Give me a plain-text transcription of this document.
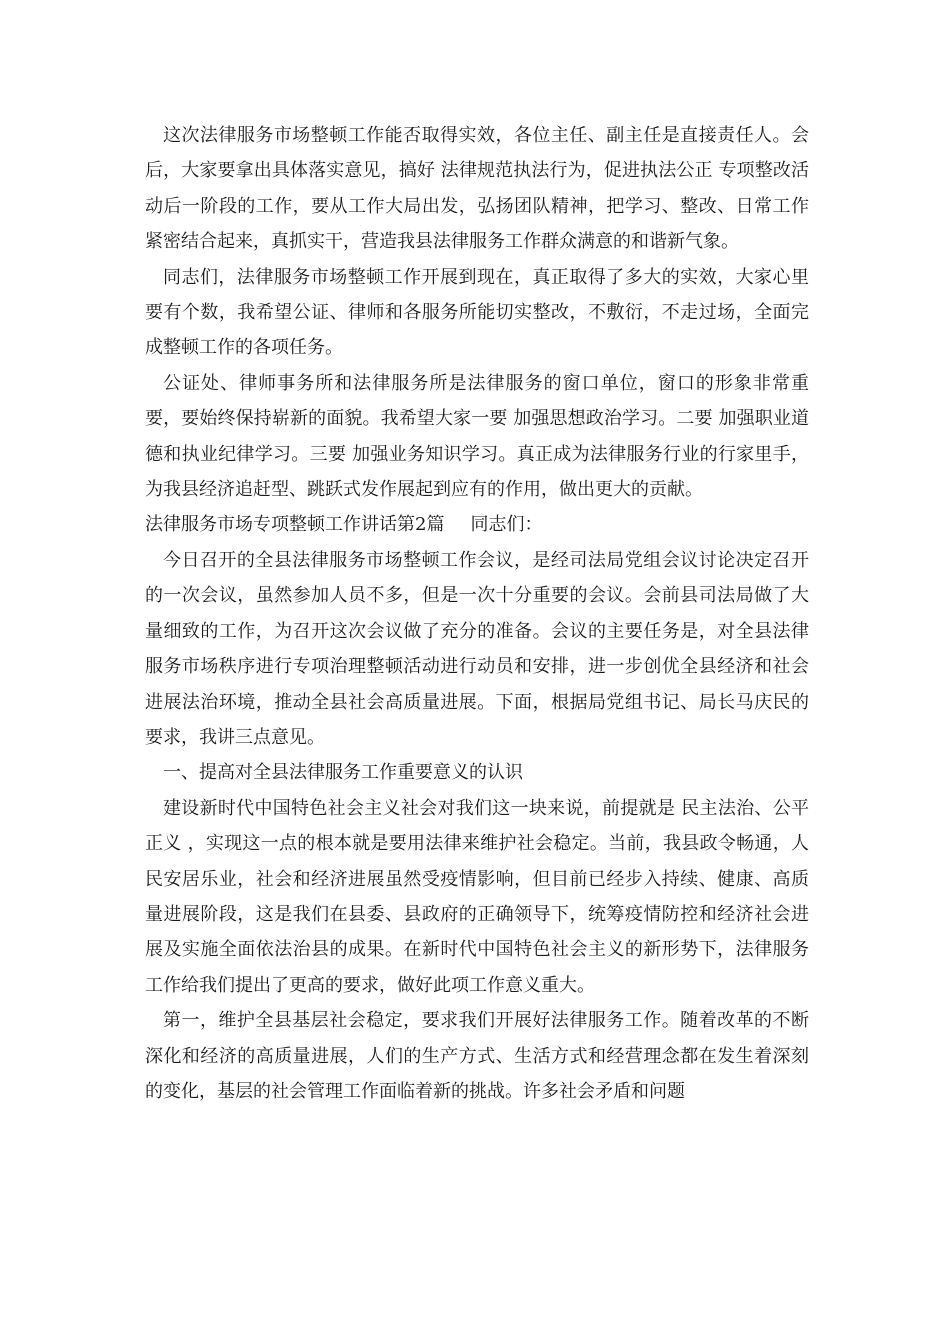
这次法律服务市场整顿工作能否取得实效，各位主任、副主任是直接责任人。会后，大家要拿出具体落实意见，搞好 法律规范执法行为，促进执法公正 专项整改活动后一阶段的工作，要从工作大局出发，弘扬团队精神，把学习、整改、日常工作紧密结合起来，真抓实干，营造我县法律服务工作群众满意的和谐新气象。

同志们，法律服务市场整顿工作开展到现在，真正取得了多大的实效，大家心里要有个数，我希望公证、律师和各服务所能切实整改，不敷衍，不走过场，全面完成整顿工作的各项任务。

公证处、律师事务所和法律服务所是法律服务的窗口单位，窗口的形象非常重要，要始终保持崭新的面貌。我希望大家一要 加强思想政治学习。二要 加强职业道德和执业纪律学习。三要 加强业务知识学习。真正成为法律服务行业的行家里手，为我县经济追赶型、跳跃式发作展起到应有的作用，做出更大的贡献。

法律服务市场专项整顿工作讲话第2篇 同志们：

今日召开的全县法律服务市场整顿工作会议，是经司法局党组会议讨论决定召开的一次会议，虽然参加人员不多，但是一次十分重要的会议。会前县司法局做了大量细致的工作，为召开这次会议做了充分的准备。会议的主要任务是，对全县法律服务市场秩序进行专项治理整顿活动进行动员和安排，进一步创优全县经济和社会进展法治环境，推动全县社会高质量进展。下面，根据局党组书记、局长马庆民的要求，我讲三点意见。

一、提高对全县法律服务工作重要意义的认识

建设新时代中国特色社会主义社会对我们这一块来说，前提就是 民主法治、公平正义 ，实现这一点的根本就是要用法律来维护社会稳定。当前，我县政令畅通，人民安居乐业，社会和经济进展虽然受疫情影响，但目前已经步入持续、健康、高质量进展阶段，这是我们在县委、县政府的正确领导下，统筹疫情防控和经济社会进展及实施全面依法治县的成果。在新时代中国特色社会主义的新形势下，法律服务工作给我们提出了更高的要求，做好此项工作意义重大。

第一，维护全县基层社会稳定，要求我们开展好法律服务工作。随着改革的不断深化和经济的高质量进展，人们的生产方式、生活方式和经营理念都在发生着深刻的变化，基层的社会管理工作面临着新的挑战。许多社会矛盾和问题
